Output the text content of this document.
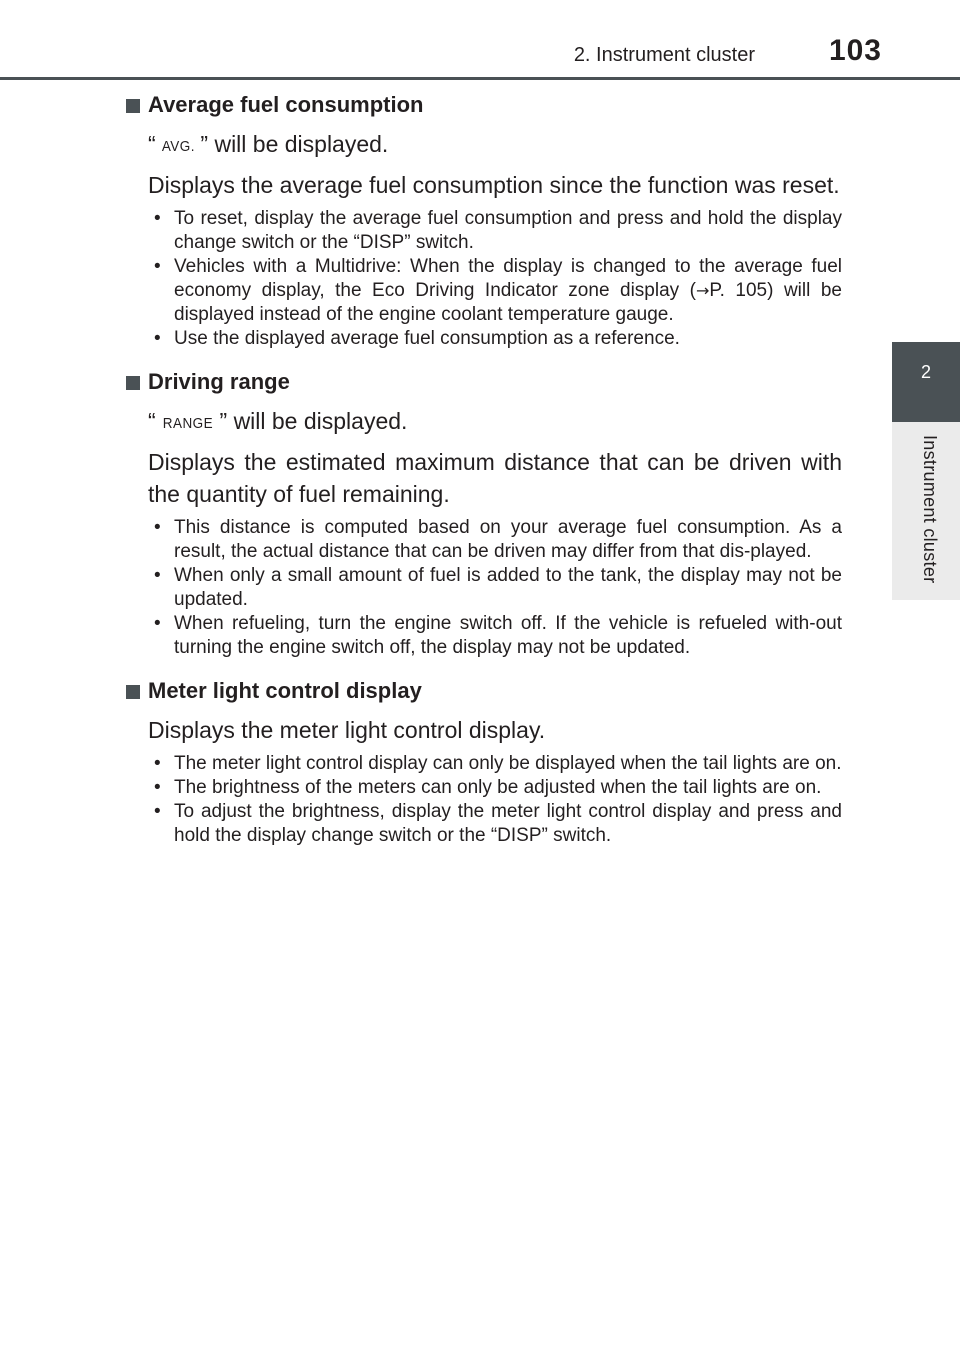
2. Instrument cluster 103
2
Instrument cluster
Average fuel consumption
“ AVG. ” will be displayed.
Displays the average fuel consumption since the function was reset.
• To reset, display the average fuel consumption and press and hold the display change switch or the “DISP” switch.
• Vehicles with a Multidrive: When the display is changed to the average fuel economy display, the Eco Driving Indicator zone display (→P. 105) will be displayed instead of the engine coolant temperature gauge.
• Use the displayed average fuel consumption as a reference.
Driving range
“ RANGE ” will be displayed.
Displays the estimated maximum distance that can be driven with the quantity of fuel remaining.
• This distance is computed based on your average fuel consumption. As a result, the actual distance that can be driven may differ from that dis-played.
• When only a small amount of fuel is added to the tank, the display may not be updated.
• When refueling, turn the engine switch off. If the vehicle is refueled with-out turning the engine switch off, the display may not be updated.
Meter light control display
Displays the meter light control display.
• The meter light control display can only be displayed when the tail lights are on.
• The brightness of the meters can only be adjusted when the tail lights are on.
• To adjust the brightness, display the meter light control display and press and hold the display change switch or the “DISP” switch.
